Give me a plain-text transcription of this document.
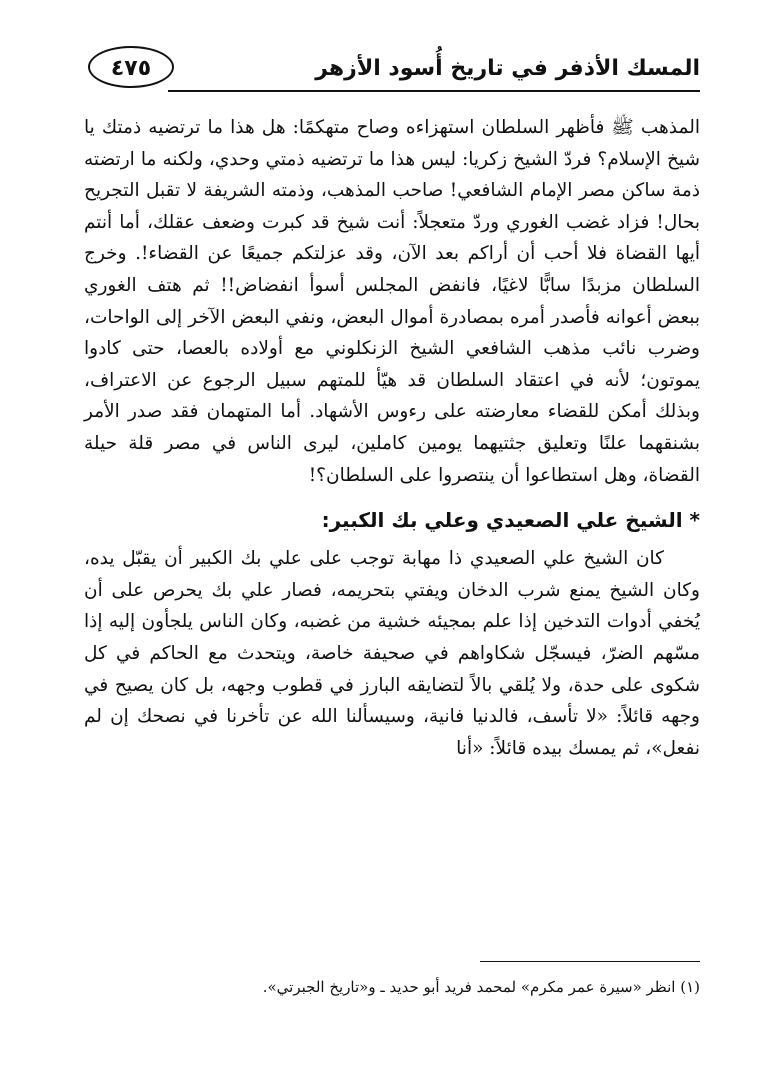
٤٧٥	المسك الأذفر في تاريخ أُسود الأزهر

المذهب ﷺ فأظهر السلطان استهزاءه وصاح متهكمًا: هل هذا ما ترتضيه ذمتك يا شيخ الإسلام؟ فردّ الشيخ زكريا: ليس هذا ما ترتضيه ذمتي وحدي، ولكنه ما ارتضته ذمة ساكن مصر الإمام الشافعي! صاحب المذهب، وذمته الشريفة لا تقبل التجريح بحال! فزاد غضب الغوري وردّ متعجلاً: أنت شيخ قد كبرت وضعف عقلك، أما أنتم أيها القضاة فلا أحب أن أراكم بعد الآن، وقد عزلتكم جميعًا عن القضاء!. وخرج السلطان مزبدًا سابًّا لاغيًا، فانفض المجلس أسوأ انفضاض!! ثم هتف الغوري ببعض أعوانه فأصدر أمره بمصادرة أموال البعض، ونفي البعض الآخر إلى الواحات، وضرب نائب مذهب الشافعي الشيخ الزنكلوني مع أولاده بالعصا، حتى كادوا يموتون؛ لأنه في اعتقاد السلطان قد هيّأ للمتهم سبيل الرجوع عن الاعتراف، وبذلك أمكن للقضاء معارضته على رءوس الأشهاد. أما المتهمان فقد صدر الأمر بشنقهما علنًا وتعليق جثتيهما يومين كاملين، ليرى الناس في مصر قلة حيلة القضاة، وهل استطاعوا أن ينتصروا على السلطان؟!

* الشيخ علي الصعيدي وعلي بك الكبير:

كان الشيخ علي الصعيدي ذا مهابة توجب على علي بك الكبير أن يقبّل يده، وكان الشيخ يمنع شرب الدخان ويفتي بتحريمه، فصار علي بك يحرص على أن يُخفي أدوات التدخين إذا علم بمجيئه خشية من غضبه، وكان الناس يلجأون إليه إذا مسّهم الضرّ، فيسجّل شكاواهم في صحيفة خاصة، ويتحدث مع الحاكم في كل شكوى على حدة، ولا يُلقي بالاً لتضايقه البارز في قطوب وجهه، بل كان يصيح في وجهه قائلاً: «لا تأسف، فالدنيا فانية، وسيسألنا الله عن تأخرنا في نصحك إن لم نفعل»، ثم يمسك بيده قائلاً: «أنا

(١) انظر «سيرة عمر مكرم» لمحمد فريد أبو حديد ـ و«تاريخ الجبرتي».
